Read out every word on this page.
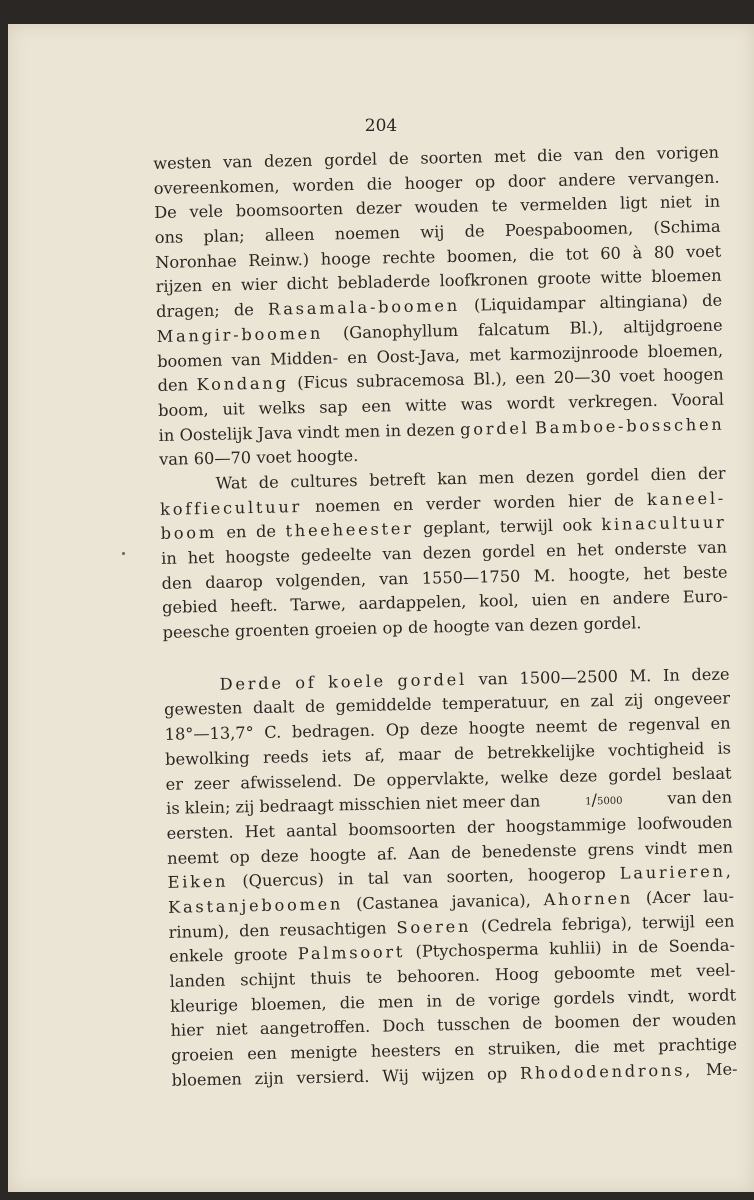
204
westen van dezen gordel de soorten met die van den vorigen
overeenkomen, worden die hooger op door andere vervangen.
De vele boomsoorten dezer wouden te vermelden ligt niet in
ons plan; alleen noemen wij de Poespaboomen, (Schima
Noronhae Reinw.) hooge rechte boomen, die tot 60 à 80 voet
rijzen en wier dicht bebladerde loofkronen groote witte bloemen
dragen; de Rasamala-boomen (Liquidampar altingiana) de
Mangir-boomen (Ganophyllum falcatum Bl.), altijdgroene
boomen van Midden- en Oost-Java, met karmozijnroode bloemen,
den Kondang (Ficus subracemosa Bl.), een 20—30 voet hoogen
boom, uit welks sap een witte was wordt verkregen. Vooral
in Oostelijk Java vindt men in dezen gordel Bamboe-bosschen
van 60—70 voet hoogte.
Wat de cultures betreft kan men dezen gordel dien der
koffiecultuur noemen en verder worden hier de kaneel-
boom en de theeheester geplant, terwijl ook kinacultuur
in het hoogste gedeelte van dezen gordel en het onderste van
den daarop volgenden, van 1550—1750 M. hoogte, het beste
gebied heeft. Tarwe, aardappelen, kool, uien en andere Euro-
peesche groenten groeien op de hoogte van dezen gordel.
Derde of koele gordel van 1500—2500 M. In deze
gewesten daalt de gemiddelde temperatuur, en zal zij ongeveer
18°—13,7° C. bedragen. Op deze hoogte neemt de regenval en
bewolking reeds iets af, maar de betrekkelijke vochtigheid is
er zeer afwisselend. De oppervlakte, welke deze gordel beslaat
is klein; zij bedraagt misschien niet meer dan	$^1/_{5000}$	van den
eersten. Het aantal boomsoorten der hoogstammige loofwouden
neemt op deze hoogte af. Aan de benedenste grens vindt men
Eiken (Quercus) in tal van soorten, hoogerop Laurieren,
Kastanjeboomen (Castanea javanica), Ahornen (Acer lau-
rinum), den reusachtigen Soeren (Cedrela febriga), terwijl een
enkele groote Palmsoort (Ptychosperma kuhlii) in de Soenda-
landen schijnt thuis te behooren. Hoog geboomte met veel-
kleurige bloemen, die men in de vorige gordels vindt, wordt
hier niet aangetroffen. Doch tusschen de boomen der wouden
groeien een menigte heesters en struiken, die met prachtige
bloemen zijn versierd. Wij wijzen op Rhododendrons, Me-
